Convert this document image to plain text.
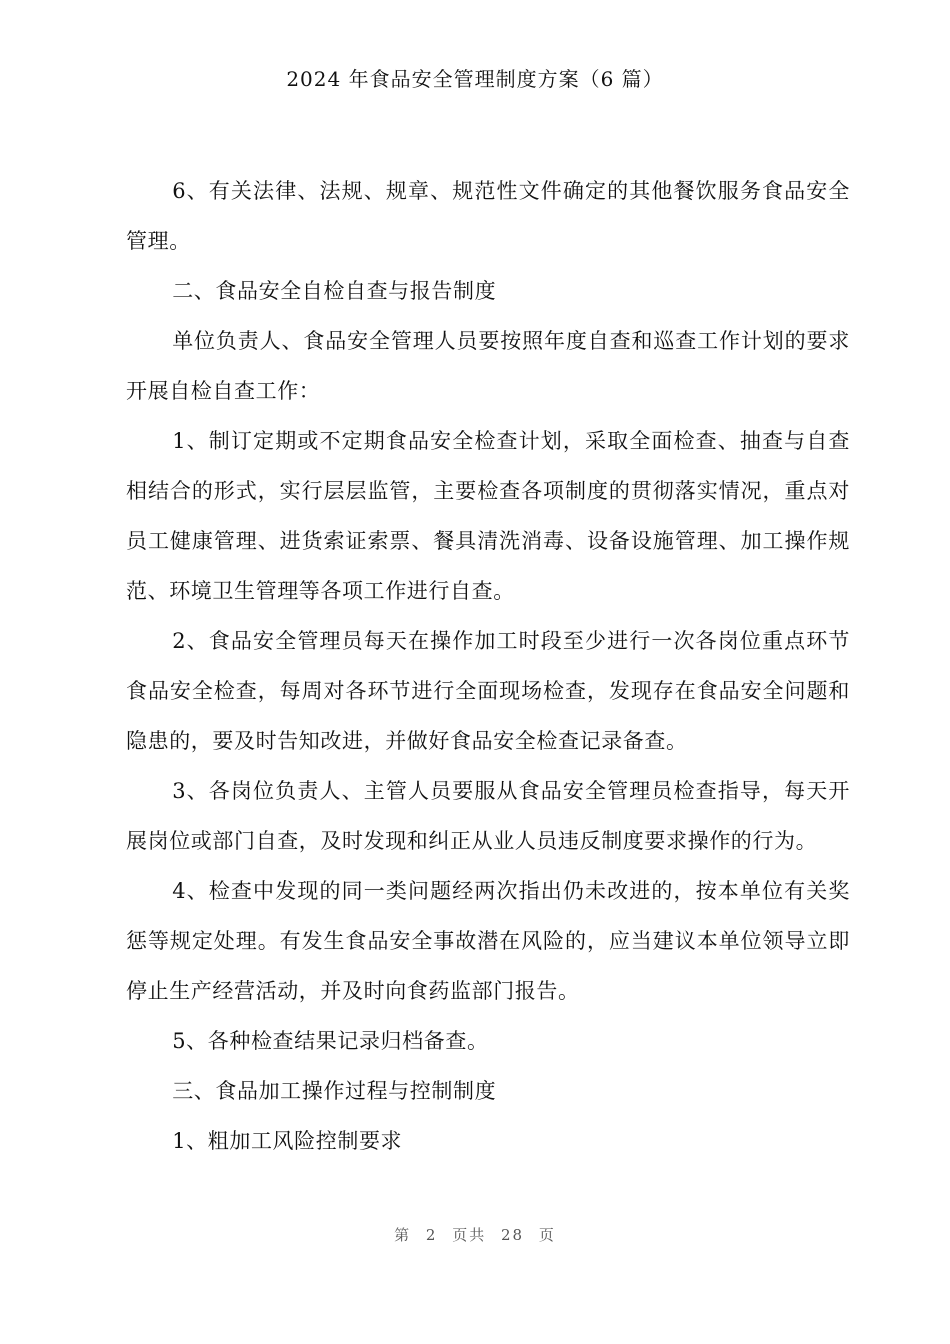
2024 年食品安全管理制度方案（6 篇）

6、有关法律、法规、规章、规范性文件确定的其他餐饮服务食品安全管理。

二、食品安全自检自查与报告制度

单位负责人、食品安全管理人员要按照年度自查和巡查工作计划的要求开展自检自查工作：

1、制订定期或不定期食品安全检查计划，采取全面检查、抽查与自查相结合的形式，实行层层监管，主要检查各项制度的贯彻落实情况，重点对员工健康管理、进货索证索票、餐具清洗消毒、设备设施管理、加工操作规范、环境卫生管理等各项工作进行自查。

2、食品安全管理员每天在操作加工时段至少进行一次各岗位重点环节食品安全检查，每周对各环节进行全面现场检查，发现存在食品安全问题和隐患的，要及时告知改进，并做好食品安全检查记录备查。

3、各岗位负责人、主管人员要服从食品安全管理员检查指导，每天开展岗位或部门自查，及时发现和纠正从业人员违反制度要求操作的行为。

4、检查中发现的同一类问题经两次指出仍未改进的，按本单位有关奖惩等规定处理。有发生食品安全事故潜在风险的，应当建议本单位领导立即停止生产经营活动，并及时向食药监部门报告。

5、各种检查结果记录归档备查。

三、食品加工操作过程与控制制度

1、粗加工风险控制要求

第 2 页共 28 页
